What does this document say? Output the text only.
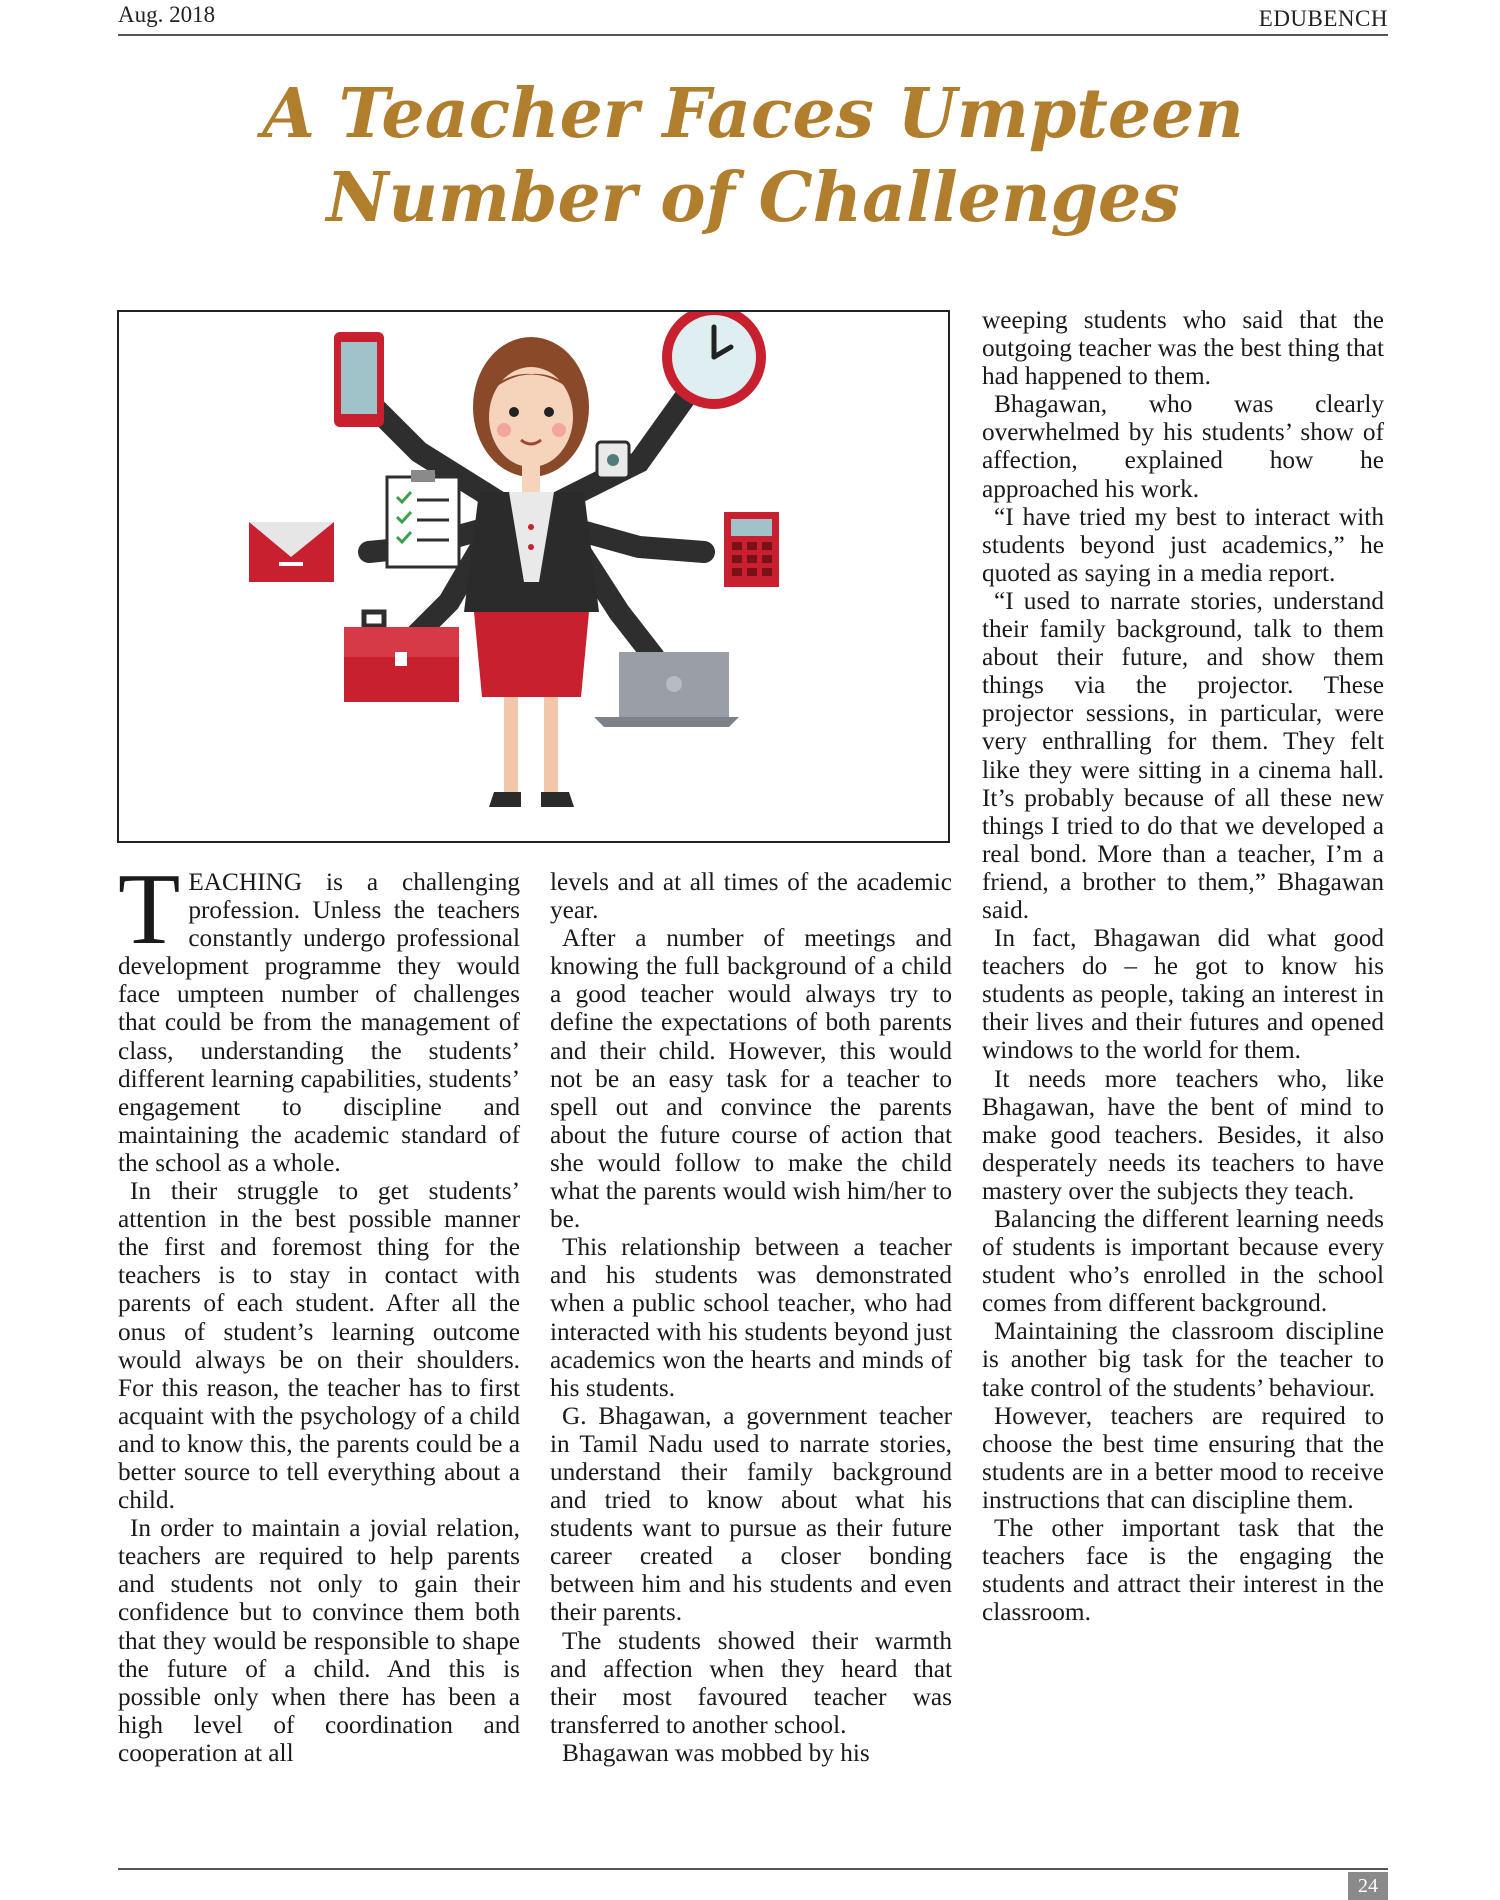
Aug. 2018	EDUBENCH
A Teacher Faces Umpteen
Number of Challenges

TEACHING is a challenging profession. Unless the teachers constantly undergo professional development programme they would face umpteen number of challenges that could be from the management of class, understanding the students’ different learning capabilities, students’ engagement to discipline and maintaining the academic standard of the school as a whole.

In their struggle to get students’ attention in the best possible manner the first and foremost thing for the teachers is to stay in contact with parents of each student. After all the onus of student’s learning outcome would always be on their shoulders. For this reason, the teacher has to first acquaint with the psychology of a child and to know this, the parents could be a better source to tell everything about a child.

In order to maintain a jovial relation, teachers are required to help parents and students not only to gain their confidence but to convince them both that they would be responsible to shape the future of a child. And this is possible only when there has been a high level of coordination and cooperation at all

levels and at all times of the academic year.

After a number of meetings and knowing the full background of a child a good teacher would always try to define the expectations of both parents and their child. However, this would not be an easy task for a teacher to spell out and convince the parents about the future course of action that she would follow to make the child what the parents would wish him/her to be.

This relationship between a teacher and his students was demonstrated when a public school teacher, who had interacted with his students beyond just academics won the hearts and minds of his students.

G. Bhagawan, a government teacher in Tamil Nadu used to narrate stories, understand their family background and tried to know about what his students want to pursue as their future career created a closer bonding between him and his students and even their parents.

The students showed their warmth and affection when they heard that their most favoured teacher was transferred to another school.

Bhagawan was mobbed by his

weeping students who said that the outgoing teacher was the best thing that had happened to them.

Bhagawan, who was clearly overwhelmed by his students’ show of affection, explained how he approached his work.

“I have tried my best to interact with students beyond just academics,” he quoted as saying in a media report.

“I used to narrate stories, understand their family background, talk to them about their future, and show them things via the projector. These projector sessions, in particular, were very enthralling for them. They felt like they were sitting in a cinema hall. It’s probably because of all these new things I tried to do that we developed a real bond. More than a teacher, I’m a friend, a brother to them,” Bhagawan said.

In fact, Bhagawan did what good teachers do – he got to know his students as people, taking an interest in their lives and their futures and opened windows to the world for them.

It needs more teachers who, like Bhagawan, have the bent of mind to make good teachers. Besides, it also desperately needs its teachers to have mastery over the subjects they teach.

Balancing the different learning needs of students is important because every student who’s enrolled in the school comes from different background.

Maintaining the classroom discipline is another big task for the teacher to take control of the students’ behaviour.

However, teachers are required to choose the best time ensuring that the students are in a better mood to receive instructions that can discipline them.

The other important task that the teachers face is the engaging the students and attract their interest in the classroom.

24
